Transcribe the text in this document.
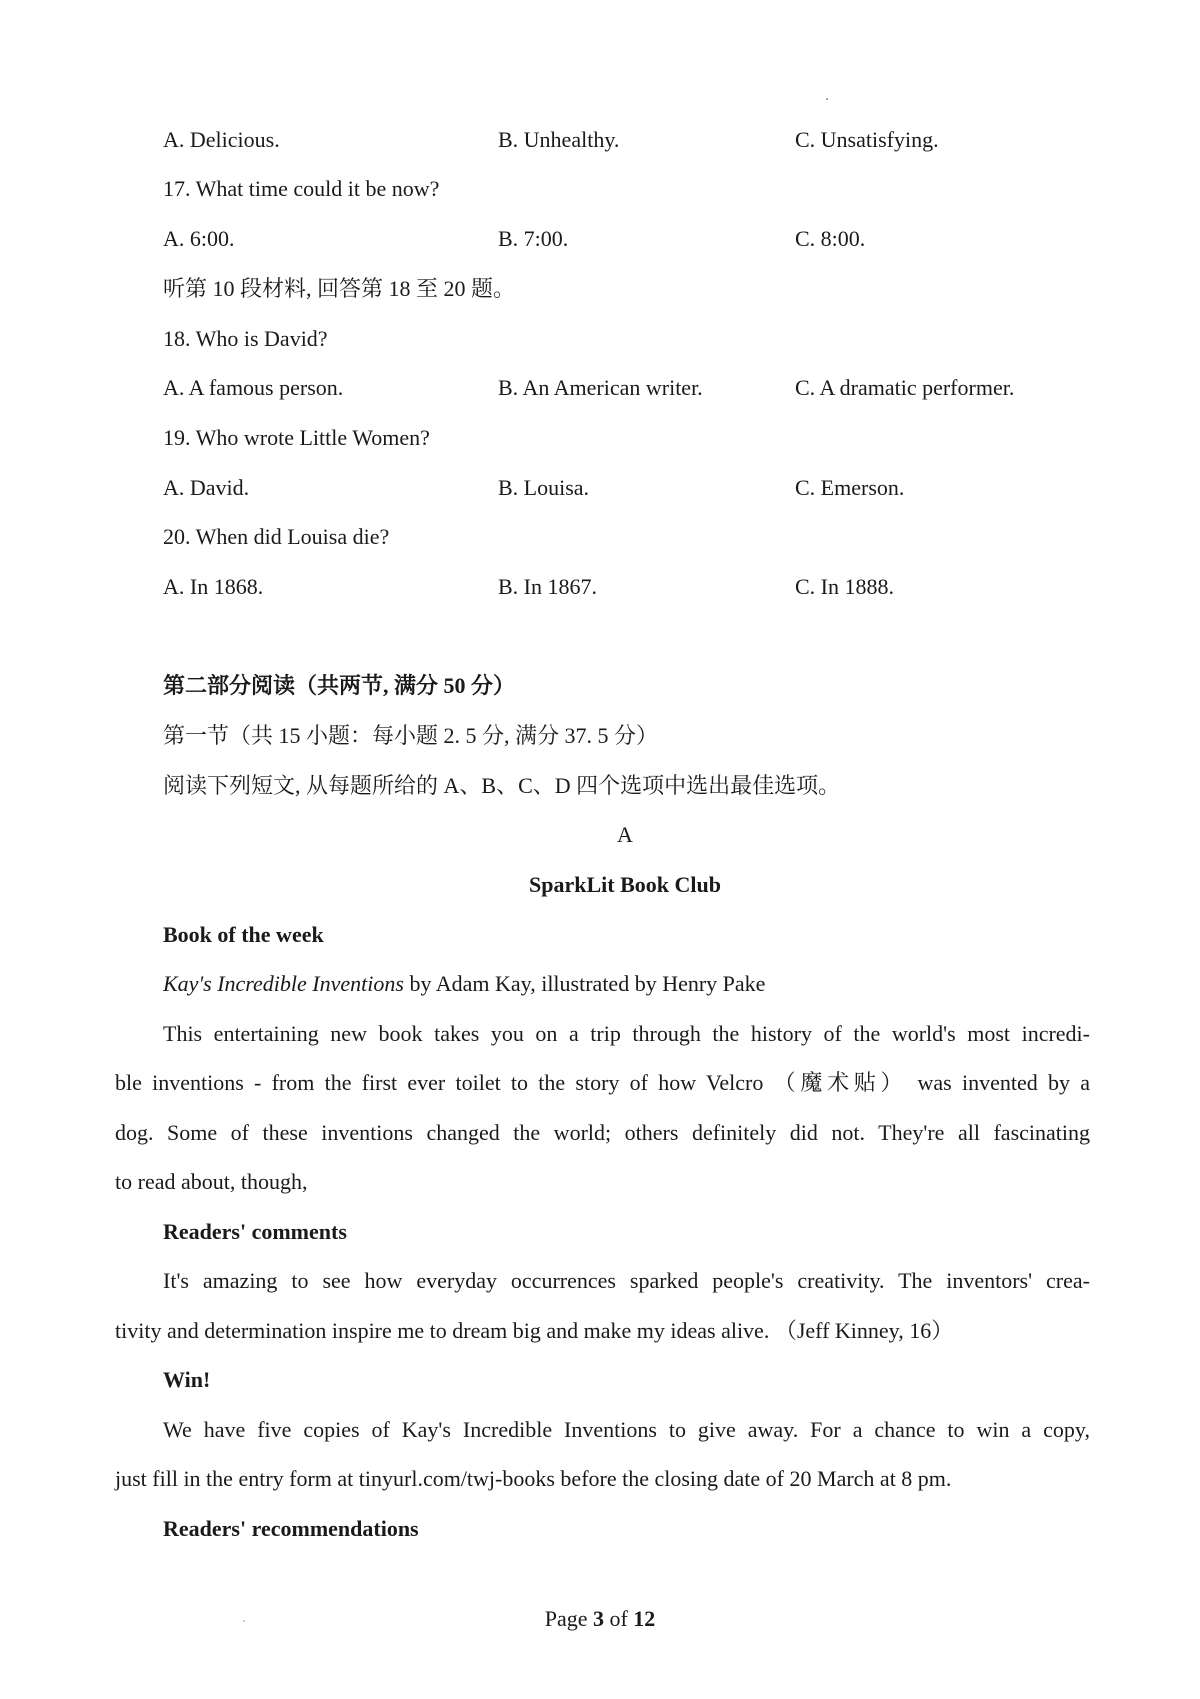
A. Delicious.	B. Unhealthy.	C. Unsatisfying.
17. What time could it be now?
A. 6:00.	B. 7:00.	C. 8:00.
听第 10 段材料, 回答第 18 至 20 题。
18. Who is David?
A. A famous person.	B. An American writer.	C. A dramatic performer.
19. Who wrote Little Women?
A. David.	B. Louisa.	C. Emerson.
20. When did Louisa die?
A. In 1868.	B. In 1867.	C. In 1888.
第二部分阅读（共两节, 满分 50 分）
第一节（共 15 小题：每小题 2. 5 分, 满分 37. 5 分）
阅读下列短文, 从每题所给的 A、B、C、D 四个选项中选出最佳选项。
A
SparkLit Book Club
Book of the week
Kay's Incredible Inventions by Adam Kay, illustrated by Henry Pake
This entertaining new book takes you on a trip through the history of the world's most incredi-
ble inventions - from the first ever toilet to the story of how Velcro （魔术贴） was invented by a
dog. Some of these inventions changed the world; others definitely did not. They're all fascinating
to read about, though,
Readers' comments
It's amazing to see how everyday occurrences sparked people's creativity. The inventors' crea-
tivity and determination inspire me to dream big and make my ideas alive. （Jeff Kinney, 16）
Win!
We have five copies of Kay's Incredible Inventions to give away. For a chance to win a copy,
just fill in the entry form at tinyurl.com/twj-books before the closing date of 20 March at 8 pm.
Readers' recommendations
Page 3 of 12
